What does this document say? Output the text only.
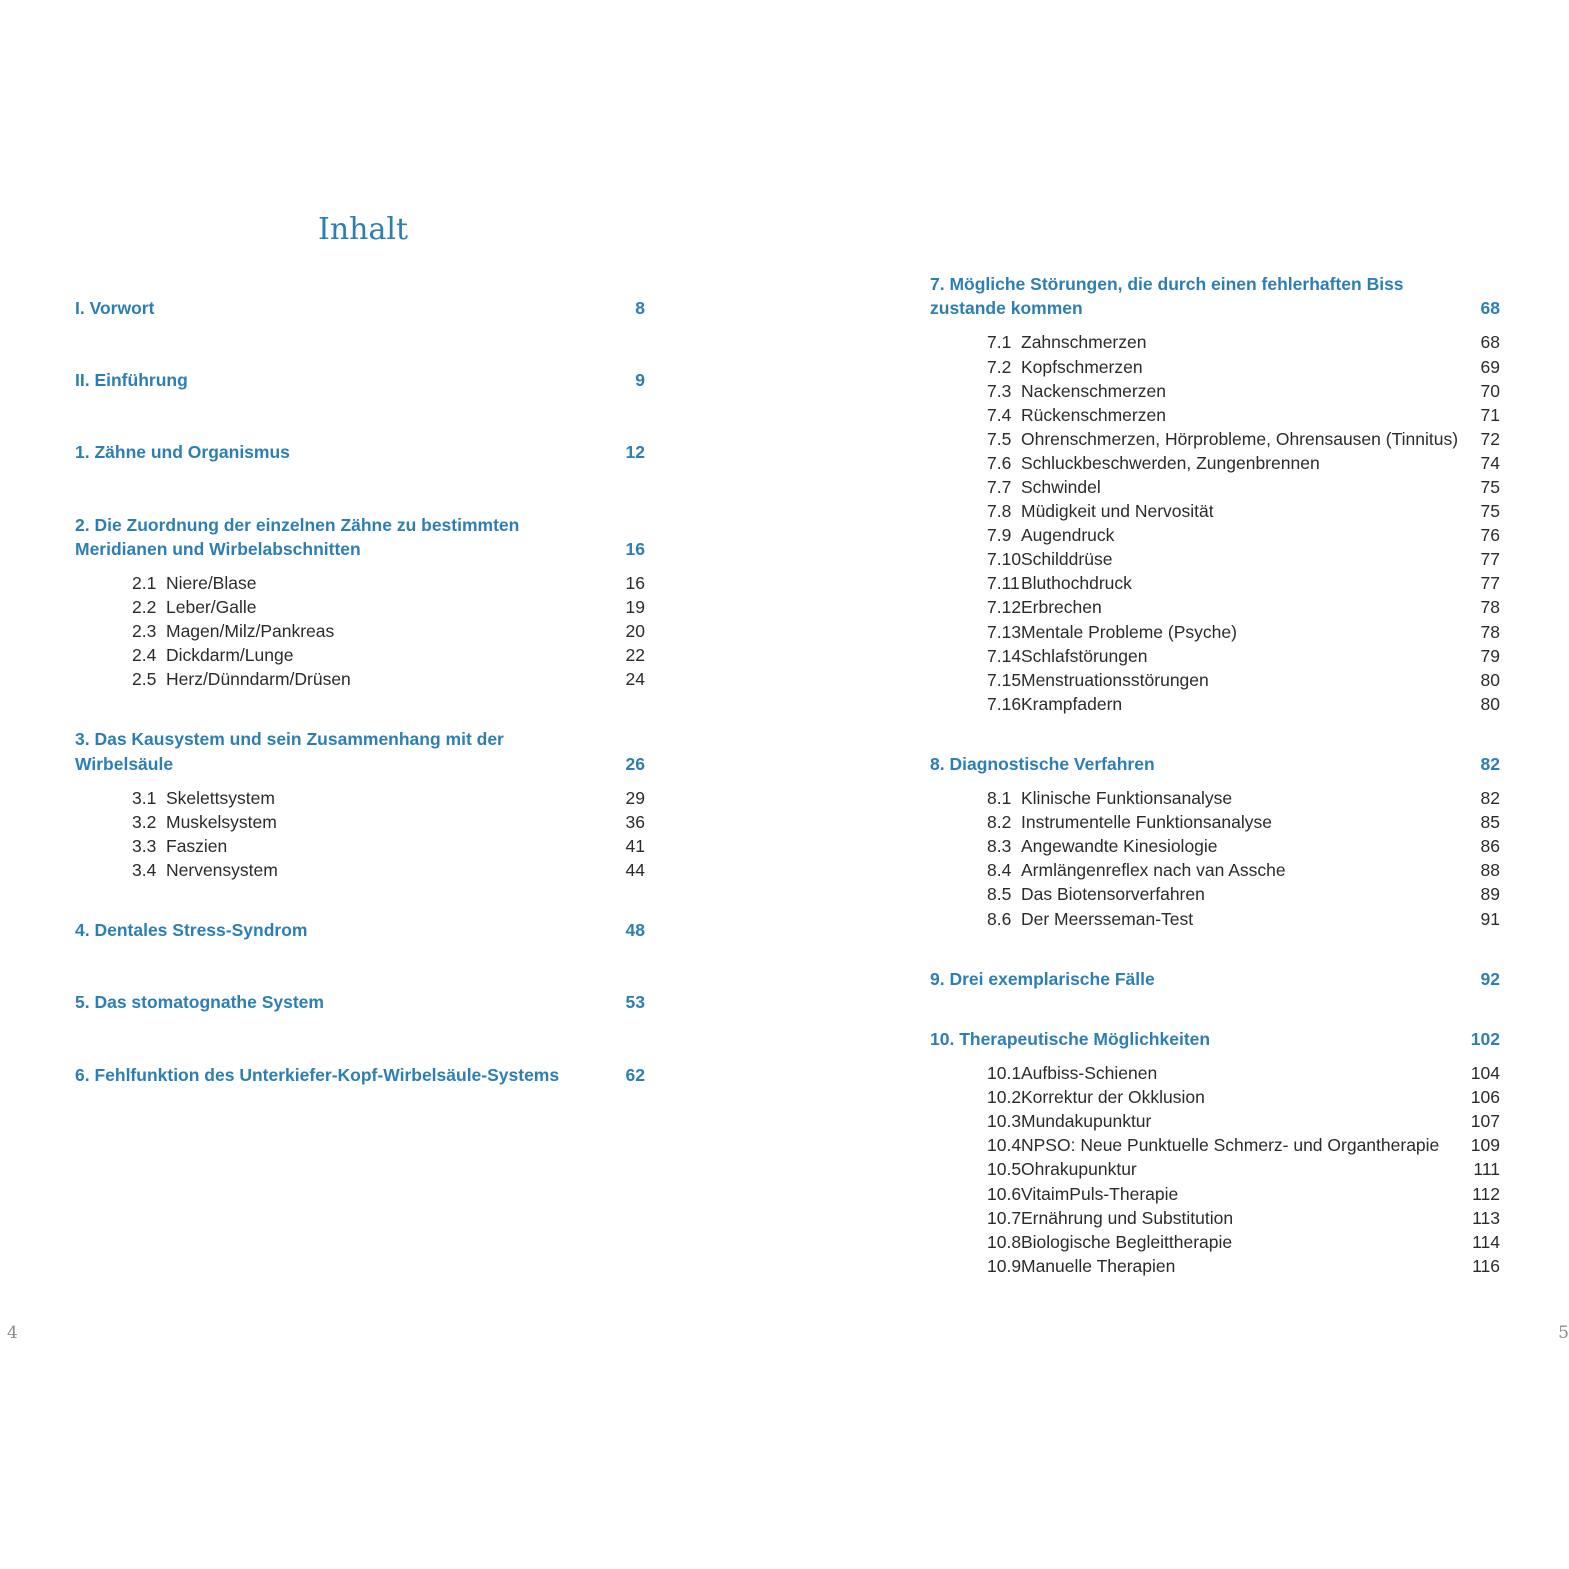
Inhalt
I. Vorwort	8
II. Einführung	9
1. Zähne und Organismus	12
2. Die Zuordnung der einzelnen Zähne zu bestimmten Meridianen und Wirbelabschnitten	16
2.1 Niere/Blase	16
2.2 Leber/Galle	19
2.3 Magen/Milz/Pankreas	20
2.4 Dickdarm/Lunge	22
2.5 Herz/Dünndarm/Drüsen	24
3. Das Kausystem und sein Zusammenhang mit der Wirbelsäule	26
3.1 Skelettsystem	29
3.2 Muskelsystem	36
3.3 Faszien	41
3.4 Nervensystem	44
4. Dentales Stress-Syndrom	48
5. Das stomatognathe System	53
6. Fehlfunktion des Unterkiefer-Kopf-Wirbelsäule-Systems	62
4
7. Mögliche Störungen, die durch einen fehlerhaften Biss zustande kommen	68
7.1 Zahnschmerzen	68
7.2 Kopfschmerzen	69
7.3 Nackenschmerzen	70
7.4 Rückenschmerzen	71
7.5 Ohrenschmerzen, Hörprobleme, Ohrensausen (Tinnitus)	72
7.6 Schluckbeschwerden, Zungenbrennen	74
7.7 Schwindel	75
7.8 Müdigkeit und Nervosität	75
7.9 Augendruck	76
7.10 Schilddrüse	77
7.11 Bluthochdruck	77
7.12 Erbrechen	78
7.13 Mentale Probleme (Psyche)	78
7.14 Schlafstörungen	79
7.15 Menstruationsstörungen	80
7.16 Krampfadern	80
8. Diagnostische Verfahren	82
8.1 Klinische Funktionsanalyse	82
8.2 Instrumentelle Funktionsanalyse	85
8.3 Angewandte Kinesiologie	86
8.4 Armlängenreflex nach van Assche	88
8.5 Das Biotensorverfahren	89
8.6 Der Meersseman-Test	91
9. Drei exemplarische Fälle	92
10. Therapeutische Möglichkeiten	102
10.1 Aufbiss-Schienen	104
10.2 Korrektur der Okklusion	106
10.3 Mundakupunktur	107
10.4 NPSO: Neue Punktuelle Schmerz- und Organtherapie	109
10.5 Ohrakupunktur	111
10.6 VitaimPuls-Therapie	112
10.7 Ernährung und Substitution	113
10.8 Biologische Begleittherapie	114
10.9 Manuelle Therapien	116
5
